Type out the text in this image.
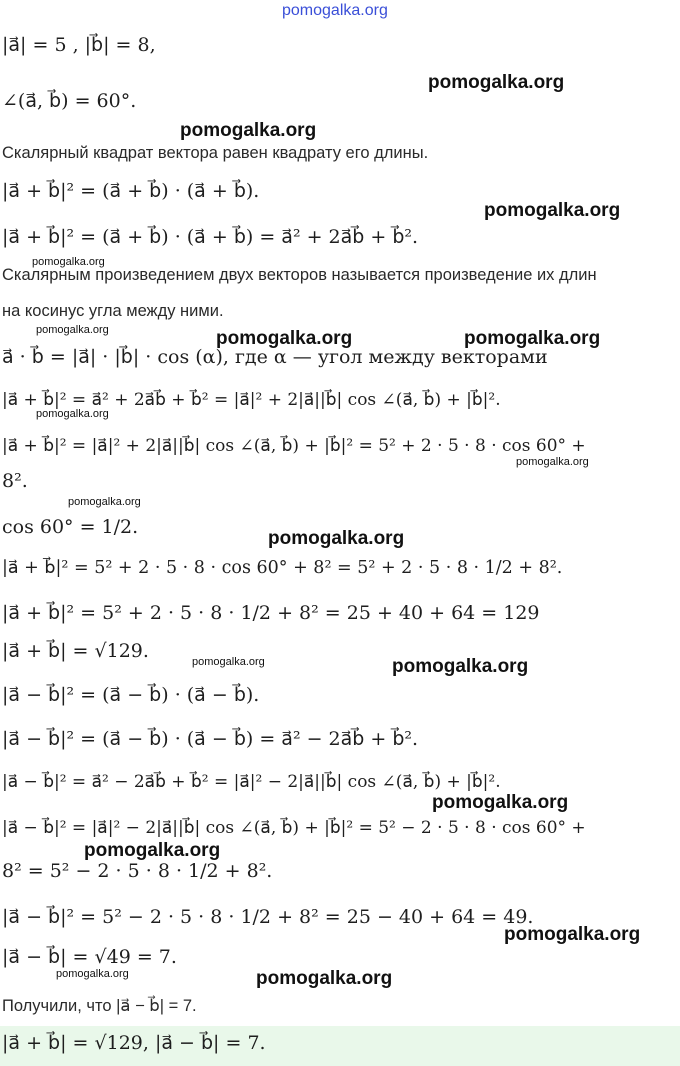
pomogalka.org
pomogalka.org
pomogalka.org
pomogalka.org
pomogalka.org
pomogalka.org	pomogalka.org	pomogalka.org
pomogalka.org
pomogalka.org
pomogalka.org
pomogalka.org
pomogalka.org	pomogalka.org
pomogalka.org
pomogalka.org
pomogalka.org
pomogalka.org	pomogalka.org
|a⃗| = 5 , |b⃗| = 8,
∠(a⃗, b⃗) = 60°.
Скалярный квадрат вектора равен квадрату его длины.
|a⃗ + b⃗|² = (a⃗ + b⃗) · (a⃗ + b⃗).
|a⃗ + b⃗|² = (a⃗ + b⃗) · (a⃗ + b⃗) = a⃗² + 2a⃗b⃗ + b⃗².
Скалярным произведением двух векторов называется произведение их длин
на косинус угла между ними.
a⃗ · b⃗ = |a⃗| · |b⃗| · cos (α), где α — угол между векторами
|a⃗ + b⃗|² = a⃗² + 2a⃗b⃗ + b⃗² = |a⃗|² + 2|a⃗||b⃗| cos ∠(a⃗, b⃗) + |b⃗|².
|a⃗ + b⃗|² = |a⃗|² + 2|a⃗||b⃗| cos ∠(a⃗, b⃗) + |b⃗|² = 5² + 2 · 5 · 8 · cos 60° +
8².
cos 60° = 1/2.
|a⃗ + b⃗|² = 5² + 2 · 5 · 8 · cos 60° + 8² = 5² + 2 · 5 · 8 · 1/2 + 8².
|a⃗ + b⃗|² = 5² + 2 · 5 · 8 · 1/2 + 8² = 25 + 40 + 64 = 129
|a⃗ + b⃗| = √129.
|a⃗ − b⃗|² = (a⃗ − b⃗) · (a⃗ − b⃗).
|a⃗ − b⃗|² = (a⃗ − b⃗) · (a⃗ − b⃗) = a⃗² − 2a⃗b⃗ + b⃗².
|a⃗ − b⃗|² = a⃗² − 2a⃗b⃗ + b⃗² = |a⃗|² − 2|a⃗||b⃗| cos ∠(a⃗, b⃗) + |b⃗|².
|a⃗ − b⃗|² = |a⃗|² − 2|a⃗||b⃗| cos ∠(a⃗, b⃗) + |b⃗|² = 5² − 2 · 5 · 8 · cos 60° +
8² = 5² − 2 · 5 · 8 · 1/2 + 8².
|a⃗ − b⃗|² = 5² − 2 · 5 · 8 · 1/2 + 8² = 25 − 40 + 64 = 49.
|a⃗ − b⃗| = √49 = 7.
Получили, что |a⃗ − b⃗| = 7.
|a⃗ + b⃗| = √129, |a⃗ − b⃗| = 7.
